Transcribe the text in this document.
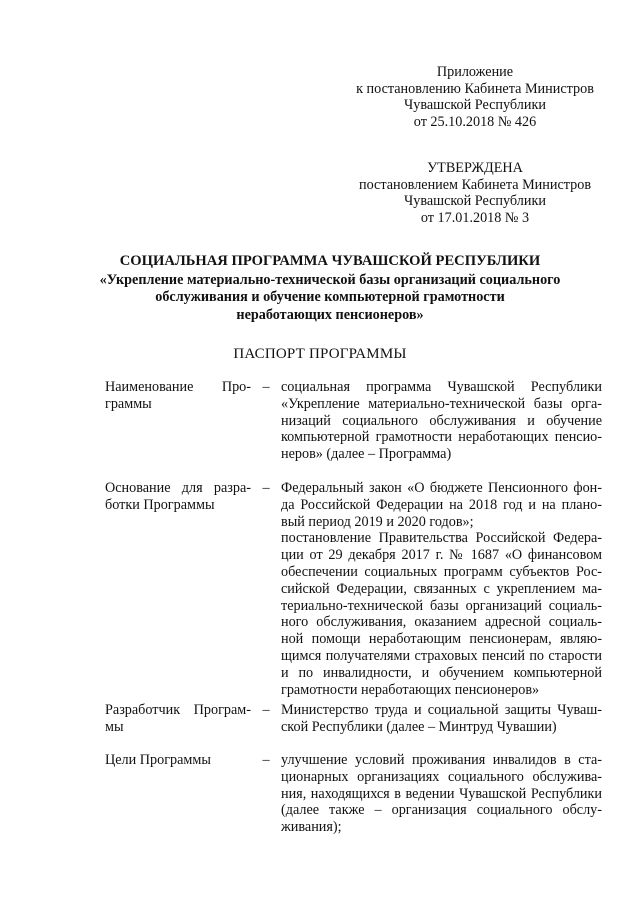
Приложение
к постановлению Кабинета Министров
Чувашской Республики
от 25.10.2018 № 426
УТВЕРЖДЕНА
постановлением Кабинета Министров
Чувашской Республики
от 17.01.2018 № 3
СОЦИАЛЬНАЯ ПРОГРАММА ЧУВАШСКОЙ РЕСПУБЛИКИ
«Укрепление материально-технической базы организаций социального
обслуживания и обучение компьютерной грамотности
неработающих пенсионеров»
ПАСПОРТ ПРОГРАММЫ
Наименование Про-
граммы
– социальная программа Чувашской Республики
«Укрепление материально-технической базы орга-
низаций социального обслуживания и обучение
компьютерной грамотности неработающих пенсио-
неров» (далее – Программа)
Основание для разра-
ботки Программы
– Федеральный закон «О бюджете Пенсионного фон-
да Российской Федерации на 2018 год и на плано-
вый период 2019 и 2020 годов»;
постановление Правительства Российской Федера-
ции от 29 декабря 2017 г. № 1687 «О финансовом
обеспечении социальных программ субъектов Рос-
сийской Федерации, связанных с укреплением ма-
териально-технической базы организаций социаль-
ного обслуживания, оказанием адресной социаль-
ной помощи неработающим пенсионерам, являю-
щимся получателями страховых пенсий по старости
и по инвалидности, и обучением компьютерной
грамотности неработающих пенсионеров»
Разработчик Програм-
мы
– Министерство труда и социальной защиты Чуваш-
ской Республики (далее – Минтруд Чувашии)
Цели Программы	– улучшение условий проживания инвалидов в ста-
ционарных организациях социального обслужива-
ния, находящихся в ведении Чувашской Республики
(далее также – организация социального обслу-
живания);
